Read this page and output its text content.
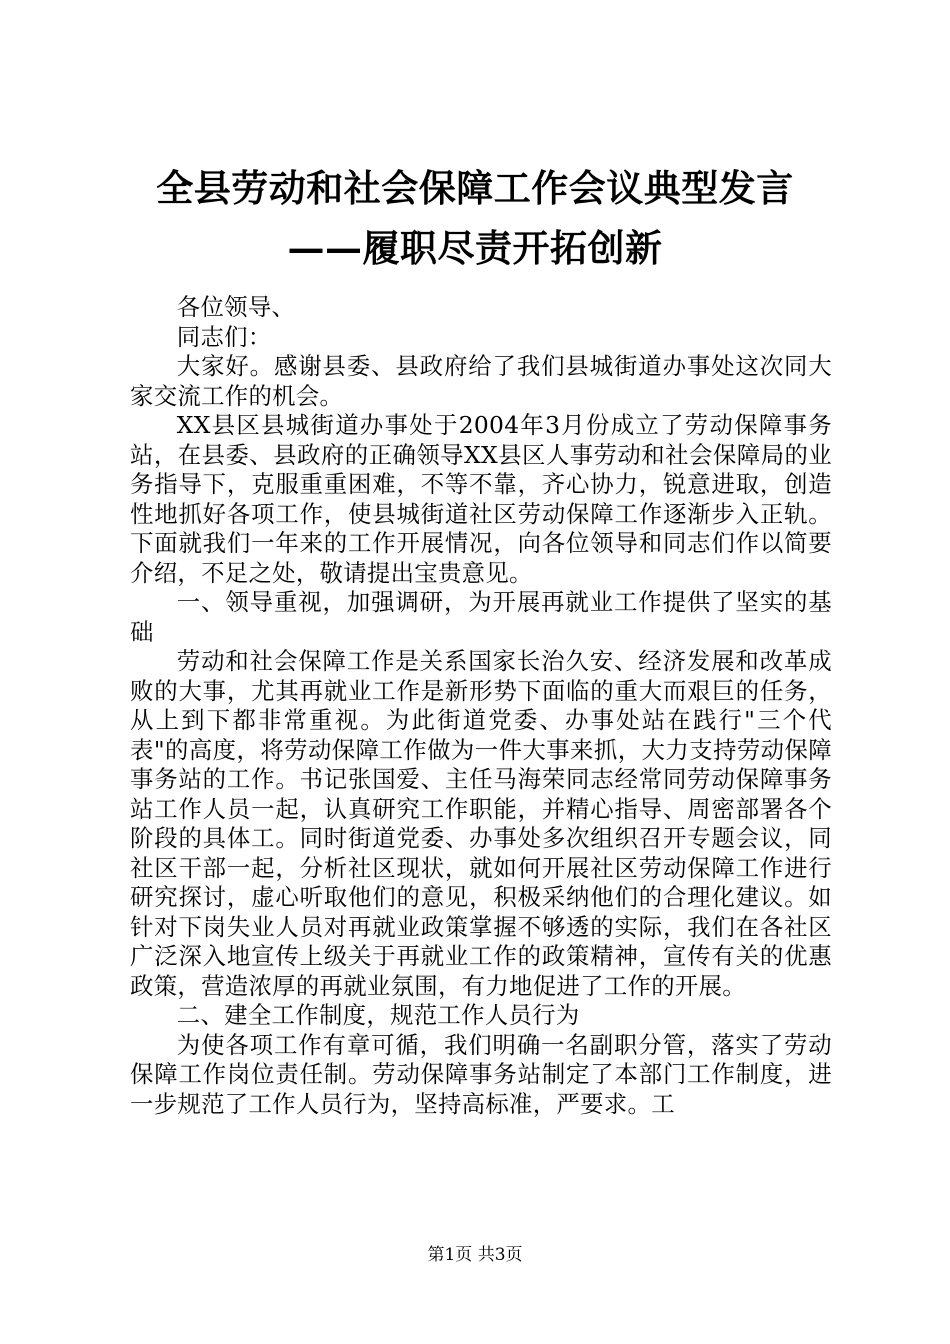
全县劳动和社会保障工作会议典型发言——履职尽责开拓创新

各位领导、

同志们：

大家好。感谢县委、县政府给了我们县城街道办事处这次同大家交流工作的机会。

XX县区县城街道办事处于2004年3月份成立了劳动保障事务站，在县委、县政府的正确领导XX县区人事劳动和社会保障局的业务指导下，克服重重困难，不等不靠，齐心协力，锐意进取，创造性地抓好各项工作，使县城街道社区劳动保障工作逐渐步入正轨。下面就我们一年来的工作开展情况，向各位领导和同志们作以简要介绍，不足之处，敬请提出宝贵意见。

一、领导重视，加强调研，为开展再就业工作提供了坚实的基础

劳动和社会保障工作是关系国家长治久安、经济发展和改革成败的大事，尤其再就业工作是新形势下面临的重大而艰巨的任务，从上到下都非常重视。为此街道党委、办事处站在践行"三个代表"的高度，将劳动保障工作做为一件大事来抓，大力支持劳动保障事务站的工作。书记张国爱、主任马海荣同志经常同劳动保障事务站工作人员一起，认真研究工作职能，并精心指导、周密部署各个阶段的具体工。同时街道党委、办事处多次组织召开专题会议，同社区干部一起，分析社区现状，就如何开展社区劳动保障工作进行研究探讨，虚心听取他们的意见，积极采纳他们的合理化建议。如针对下岗失业人员对再就业政策掌握不够透的实际，我们在各社区广泛深入地宣传上级关于再就业工作的政策精神，宣传有关的优惠政策，营造浓厚的再就业氛围，有力地促进了工作的开展。

二、建全工作制度，规范工作人员行为

为使各项工作有章可循，我们明确一名副职分管，落实了劳动保障工作岗位责任制。劳动保障事务站制定了本部门工作制度，进一步规范了工作人员行为，坚持高标准，严要求。工

第1页 共3页
